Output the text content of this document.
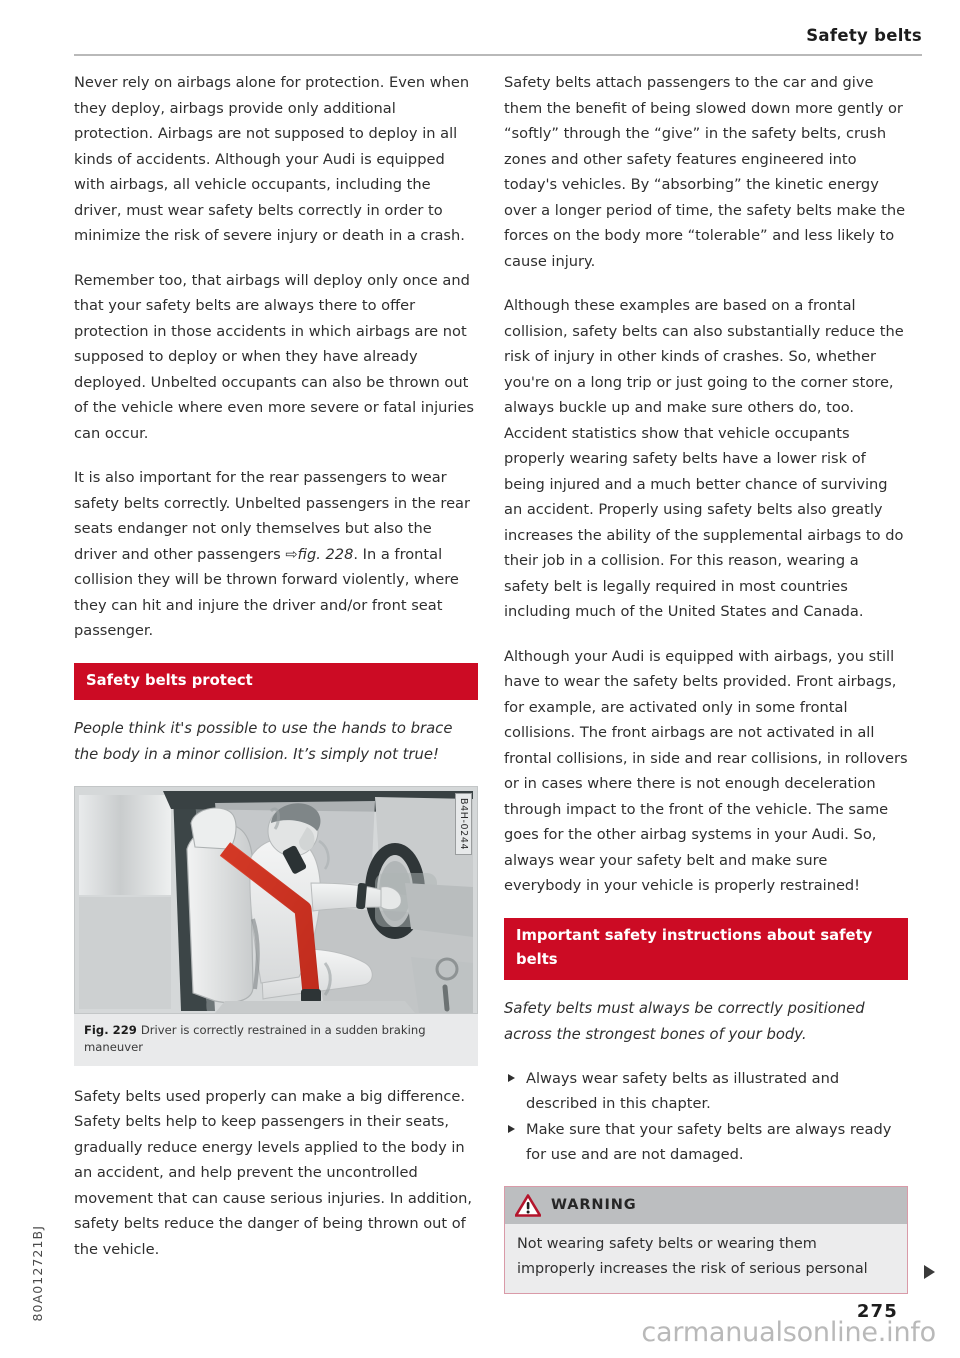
Safety belts

Never rely on airbags alone for protection. Even when they deploy, airbags provide only additional protection. Airbags are not supposed to deploy in all kinds of accidents. Although your Audi is equipped with airbags, all vehicle occupants, including the driver, must wear safety belts correctly in order to minimize the risk of severe injury or death in a crash.

Remember too, that airbags will deploy only once and that your safety belts are always there to offer protection in those accidents in which airbags are not supposed to deploy or when they have already deployed. Unbelted occupants can also be thrown out of the vehicle where even more severe or fatal injuries can occur.

It is also important for the rear passengers to wear safety belts correctly. Unbelted passengers in the rear seats endanger not only themselves but also the driver and other passengers ⇨fig. 228. In a frontal collision they will be thrown forward violently, where they can hit and injure the driver and/or front seat passenger.

Safety belts protect

People think it's possible to use the hands to brace the body in a minor collision. It’s simply not true!

B4H-0244
Fig. 229 Driver is correctly restrained in a sudden braking maneuver

Safety belts used properly can make a big difference. Safety belts help to keep passengers in their seats, gradually reduce energy levels applied to the body in an accident, and help prevent the uncontrolled movement that can cause serious injuries. In addition, safety belts reduce the danger of being thrown out of the vehicle.

Safety belts attach passengers to the car and give them the benefit of being slowed down more gently or “softly” through the “give” in the safety belts, crush zones and other safety features engineered into today's vehicles. By “absorbing” the kinetic energy over a longer period of time, the safety belts make the forces on the body more “tolerable” and less likely to cause injury.

Although these examples are based on a frontal collision, safety belts can also substantially reduce the risk of injury in other kinds of crashes. So, whether you're on a long trip or just going to the corner store, always buckle up and make sure others do, too. Accident statistics show that vehicle occupants properly wearing safety belts have a lower risk of being injured and a much better chance of surviving an accident. Properly using safety belts also greatly increases the ability of the supplemental airbags to do their job in a collision. For this reason, wearing a safety belt is legally required in most countries including much of the United States and Canada.

Although your Audi is equipped with airbags, you still have to wear the safety belts provided. Front airbags, for example, are activated only in some frontal collisions. The front airbags are not activated in all frontal collisions, in side and rear collisions, in rollovers or in cases where there is not enough deceleration through impact to the front of the vehicle. The same goes for the other airbag systems in your Audi. So, always wear your safety belt and make sure everybody in your vehicle is properly restrained!

Important safety instructions about safety belts

Safety belts must always be correctly positioned across the strongest bones of your body.

Always wear safety belts as illustrated and described in this chapter.
Make sure that your safety belts are always ready for use and are not damaged.
WARNING
Not wearing safety belts or wearing them improperly increases the risk of serious personal
80A012721BJ	275
carmanualsonline.info
